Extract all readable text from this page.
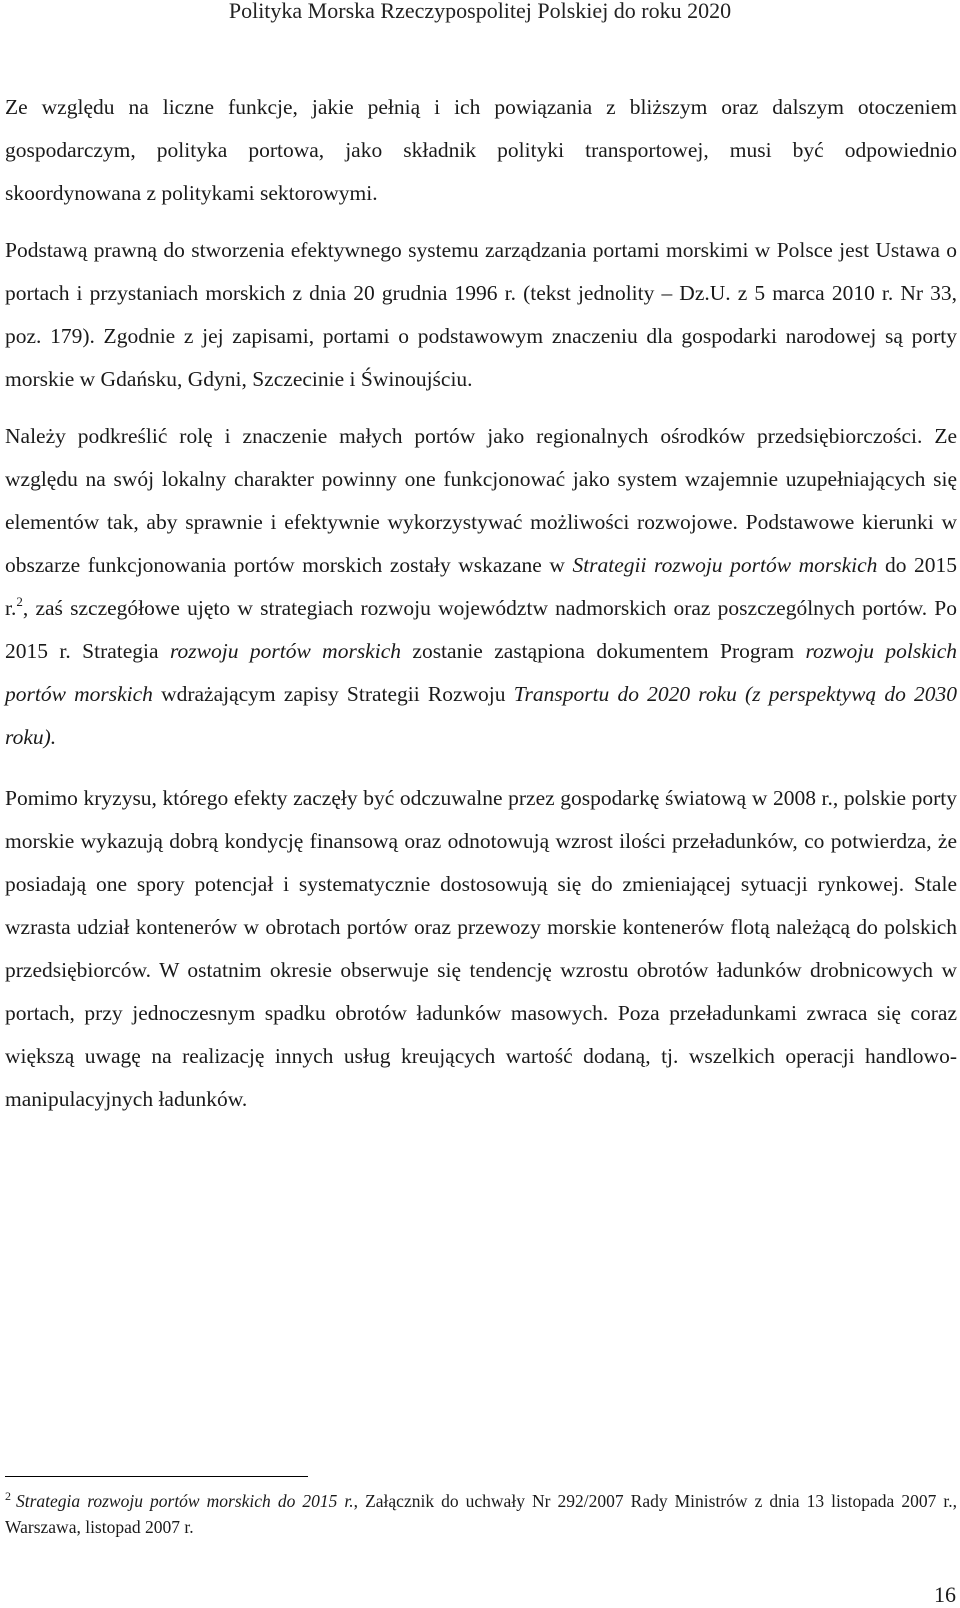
Polityka Morska Rzeczypospolitej Polskiej do roku 2020

Ze względu na liczne funkcje, jakie pełnią i ich powiązania z bliższym oraz dalszym otoczeniem gospodarczym, polityka portowa, jako składnik polityki transportowej, musi być odpowiednio skoordynowana z politykami sektorowymi.

Podstawą prawną do stworzenia efektywnego systemu zarządzania portami morskimi w Polsce jest Ustawa o portach i przystaniach morskich z dnia 20 grudnia 1996 r. (tekst jednolity – Dz.U. z 5 marca 2010 r. Nr 33, poz. 179). Zgodnie z jej zapisami, portami o podstawowym znaczeniu dla gospodarki narodowej są porty morskie w Gdańsku, Gdyni, Szczecinie i Świnoujściu.

Należy podkreślić rolę i znaczenie małych portów jako regionalnych ośrodków przedsiębiorczości. Ze względu na swój lokalny charakter powinny one funkcjonować jako system wzajemnie uzupełniających się elementów tak, aby sprawnie i efektywnie wykorzystywać możliwości rozwojowe. Podstawowe kierunki w obszarze funkcjonowania portów morskich zostały wskazane w Strategii rozwoju portów morskich do 2015 r.$^2$, zaś szczegółowe ujęto w strategiach rozwoju województw nadmorskich oraz poszczególnych portów. Po 2015 r. Strategia rozwoju portów morskich zostanie zastąpiona dokumentem Program rozwoju polskich portów morskich wdrażającym zapisy Strategii Rozwoju Transportu do 2020 roku (z perspektywą do 2030 roku).

Pomimo kryzysu, którego efekty zaczęły być odczuwalne przez gospodarkę światową w 2008 r., polskie porty morskie wykazują dobrą kondycję finansową oraz odnotowują wzrost ilości przeładunków, co potwierdza, że posiadają one spory potencjał i systematycznie dostosowują się do zmieniającej sytuacji rynkowej. Stale wzrasta udział kontenerów w obrotach portów oraz przewozy morskie kontenerów flotą należącą do polskich przedsiębiorców. W ostatnim okresie obserwuje się tendencję wzrostu obrotów ładunków drobnicowych w portach, przy jednoczesnym spadku obrotów ładunków masowych. Poza przeładunkami zwraca się coraz większą uwagę na realizację innych usług kreujących wartość dodaną, tj. wszelkich operacji handlowo-manipulacyjnych ładunków.

$^2$ Strategia rozwoju portów morskich do 2015 r., Załącznik do uchwały Nr 292/2007 Rady Ministrów z dnia 13 listopada 2007 r., Warszawa, listopad 2007 r.

16
